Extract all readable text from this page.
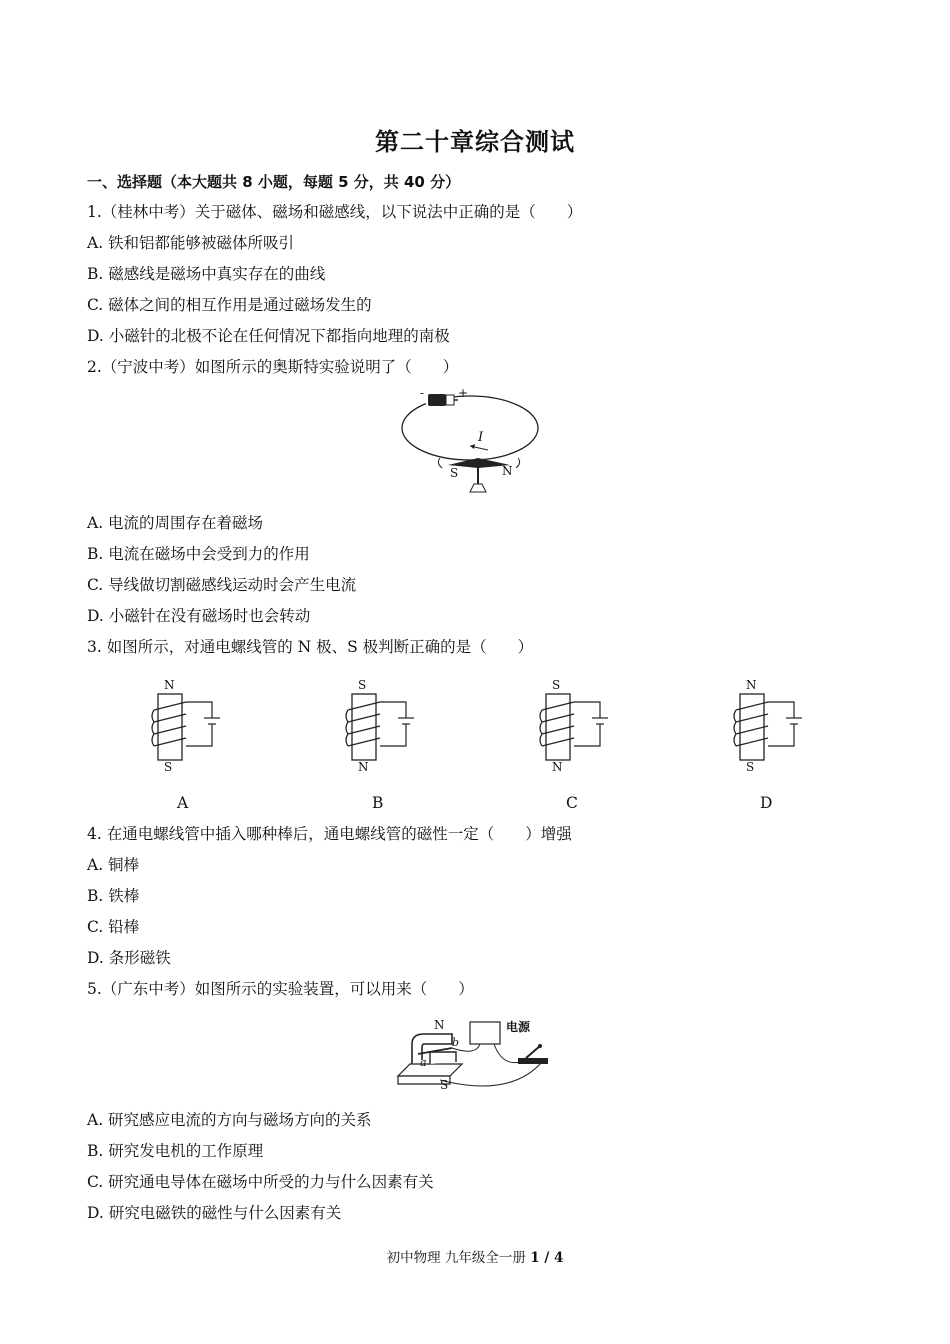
第二十章综合测试
一、选择题（本大题共 8 小题，每题 5 分，共 40 分）
1.（桂林中考）关于磁体、磁场和磁感线，以下说法中正确的是（　　）
A. 铁和铝都能够被磁体所吸引
B. 磁感线是磁场中真实存在的曲线
C. 磁体之间的相互作用是通过磁场发生的
D. 小磁针的北极不论在任何情况下都指向地理的南极
2.（宁波中考）如图所示的奥斯特实验说明了（　　）
-	+
I
S	N
A. 电流的周围存在着磁场
B. 电流在磁场中会受到力的作用
C. 导线做切割磁感线运动时会产生电流
D. 小磁针在没有磁场时也会转动
3. 如图所示，对通电螺线管的 N 极、S 极判断正确的是（　　）
N
S
A
S
N
B
S
N
C
N
S
D
4. 在通电螺线管中插入哪种棒后，通电螺线管的磁性一定（　　）增强
A. 铜棒
B. 铁棒
C. 铅棒
D. 条形磁铁
5.（广东中考）如图所示的实验装置，可以用来（　　）
电源
N
S
a
b
A. 研究感应电流的方向与磁场方向的关系
B. 研究发电机的工作原理
C. 研究通电导体在磁场中所受的力与什么因素有关
D. 研究电磁铁的磁性与什么因素有关
初中物理 九年级全一册 1 / 4
